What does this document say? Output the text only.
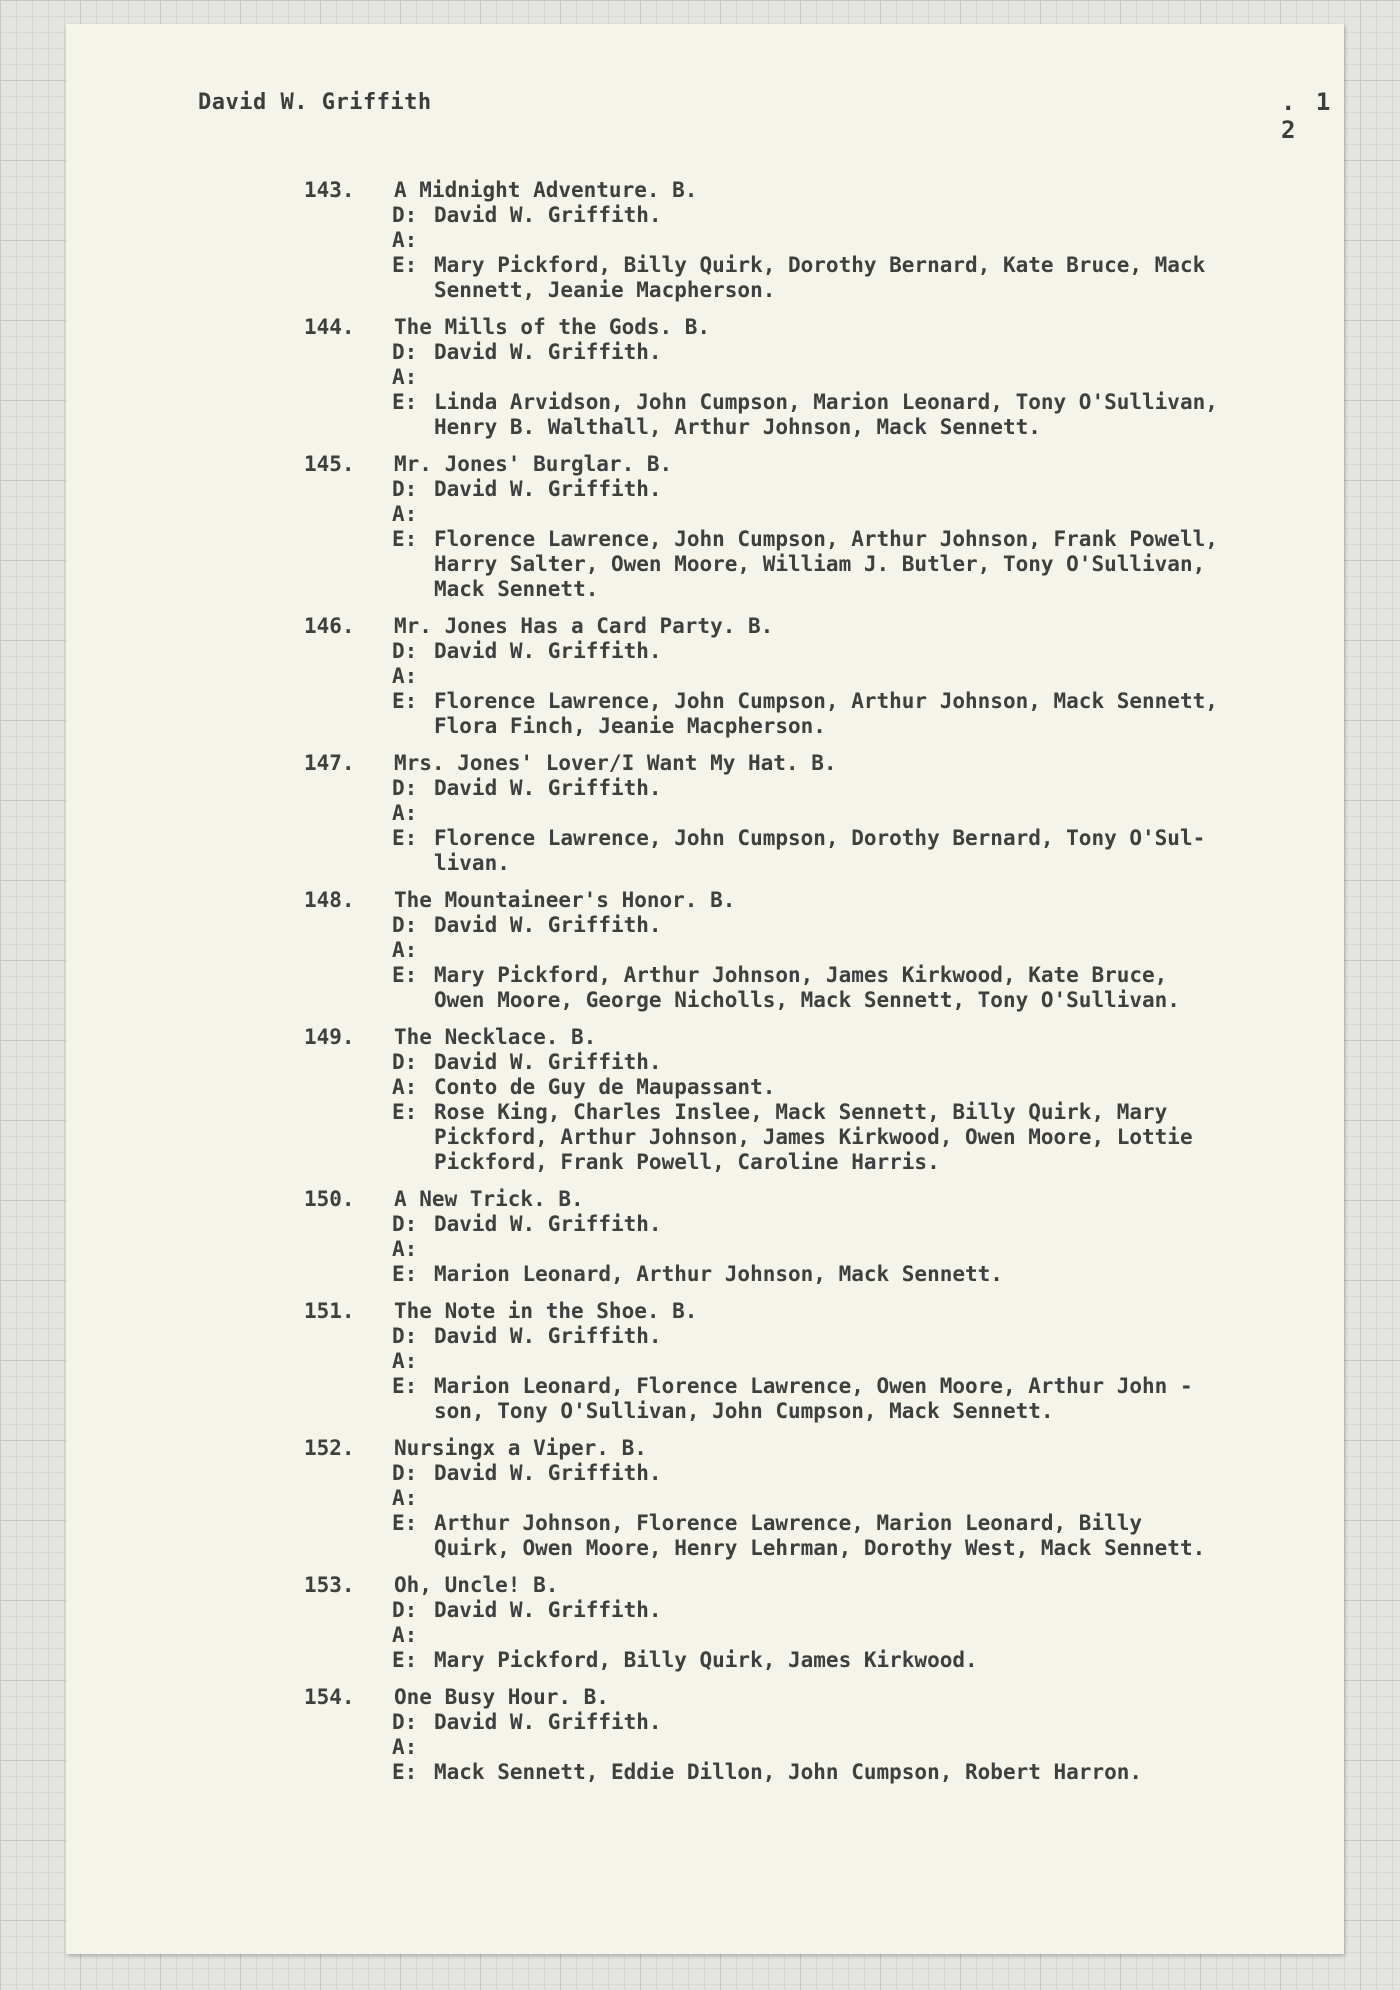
David W. Griffith	. 1 2
143.	A Midnight Adventure. B.
D: David W. Griffith.
A:
E: Mary Pickford, Billy Quirk, Dorothy Bernard, Kate Bruce, Mack
Sennett, Jeanie Macpherson.
144.	The Mills of the Gods. B.
D: David W. Griffith.
A:
E: Linda Arvidson, John Cumpson, Marion Leonard, Tony O'Sullivan,
Henry B. Walthall, Arthur Johnson, Mack Sennett.
145.	Mr. Jones' Burglar. B.
D: David W. Griffith.
A:
E: Florence Lawrence, John Cumpson, Arthur Johnson, Frank Powell,
Harry Salter, Owen Moore, William J. Butler, Tony O'Sullivan,
Mack Sennett.
146.	Mr. Jones Has a Card Party. B.
D: David W. Griffith.
A:
E: Florence Lawrence, John Cumpson, Arthur Johnson, Mack Sennett,
Flora Finch, Jeanie Macpherson.
147.	Mrs. Jones' Lover/I Want My Hat. B.
D: David W. Griffith.
A:
E: Florence Lawrence, John Cumpson, Dorothy Bernard, Tony O'Sul-
livan.
148.	The Mountaineer's Honor. B.
D: David W. Griffith.
A:
E: Mary Pickford, Arthur Johnson, James Kirkwood, Kate Bruce,
Owen Moore, George Nicholls, Mack Sennett, Tony O'Sullivan.
149.	The Necklace. B.
D: David W. Griffith.
A: Conto de Guy de Maupassant.
E: Rose King, Charles Inslee, Mack Sennett, Billy Quirk, Mary
Pickford, Arthur Johnson, James Kirkwood, Owen Moore, Lottie
Pickford, Frank Powell, Caroline Harris.
150.	A New Trick. B.
D: David W. Griffith.
A:
E: Marion Leonard, Arthur Johnson, Mack Sennett.
151.	The Note in the Shoe. B.
D: David W. Griffith.
A:
E: Marion Leonard, Florence Lawrence, Owen Moore, Arthur John -
son, Tony O'Sullivan, John Cumpson, Mack Sennett.
152.	Nursingx a Viper. B.
D: David W. Griffith.
A:
E: Arthur Johnson, Florence Lawrence, Marion Leonard, Billy
Quirk, Owen Moore, Henry Lehrman, Dorothy West, Mack Sennett.
153.	Oh, Uncle! B.
D: David W. Griffith.
A:
E: Mary Pickford, Billy Quirk, James Kirkwood.
154.	One Busy Hour. B.
D: David W. Griffith.
A:
E: Mack Sennett, Eddie Dillon, John Cumpson, Robert Harron.
